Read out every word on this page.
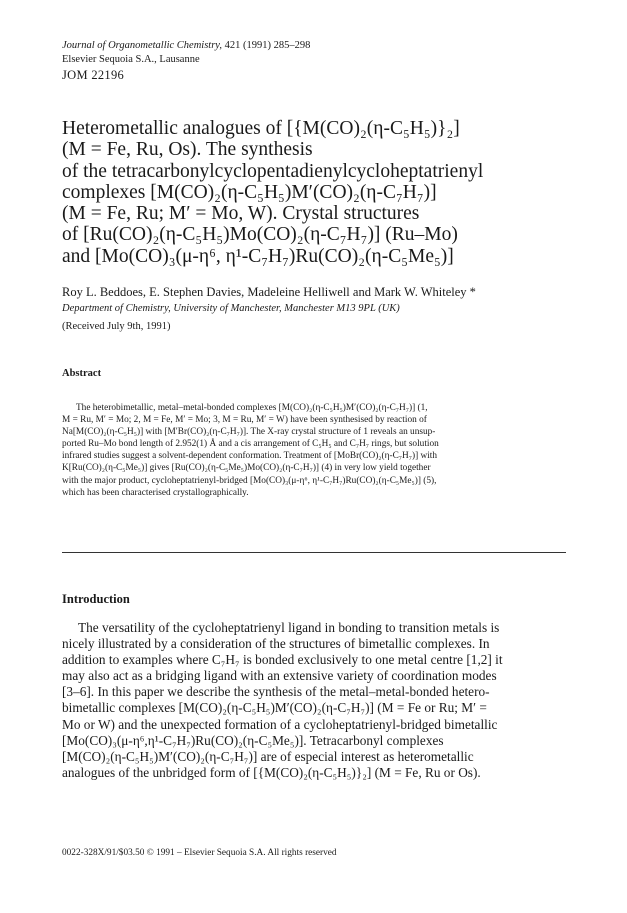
Journal of Organometallic Chemistry, 421 (1991) 285–298
Elsevier Sequoia S.A., Lausanne
JOM 22196
Heterometallic analogues of [{M(CO)₂(η-C₅H₅)}₂]
(M = Fe, Ru, Os). The synthesis
of the tetracarbonylcyclopentadienylcycloheptatrienyl
complexes [M(CO)₂(η-C₅H₅)M′(CO)₂(η-C₇H₇)]
(M = Fe, Ru; M′ = Mo, W). Crystal structures
of [Ru(CO)₂(η-C₅H₅)Mo(CO)₂(η-C₇H₇)] (Ru–Mo)
and [Mo(CO)₃(μ-η⁶, η¹-C₇H₇)Ru(CO)₂(η-C₅Me₅)]
Roy L. Beddoes, E. Stephen Davies, Madeleine Helliwell and Mark W. Whiteley *
Department of Chemistry, University of Manchester, Manchester M13 9PL (UK)
(Received July 9th, 1991)
Abstract
The heterobimetallic, metal–metal-bonded complexes [M(CO)₂(η-C₅H₅)M′(CO)₂(η-C₇H₇)] (1,
M = Ru, M′ = Mo; 2, M = Fe, M′ = Mo; 3, M = Ru, M′ = W) have been synthesised by reaction of
Na[M(CO)₂(η-C₅H₅)] with [M′Br(CO)₂(η-C₇H₇)]. The X-ray crystal structure of 1 reveals an unsup-
ported Ru–Mo bond length of 2.952(1) Å and a cis arrangement of C₅H₅ and C₇H₇ rings, but solution
infrared studies suggest a solvent-dependent conformation. Treatment of [MoBr(CO)₂(η-C₇H₇)] with
K[Ru(CO)₂(η-C₅Me₅)] gives [Ru(CO)₂(η-C₅Me₅)Mo(CO)₂(η-C₇H₇)] (4) in very low yield together
with the major product, cycloheptatrienyl-bridged [Mo(CO)₃(μ-η⁶, η¹-C₇H₇)Ru(CO)₂(η-C₅Me₅)] (5),
which has been characterised crystallographically.
Introduction
The versatility of the cycloheptatrienyl ligand in bonding to transition metals is
nicely illustrated by a consideration of the structures of bimetallic complexes. In
addition to examples where C₇H₇ is bonded exclusively to one metal centre [1,2] it
may also act as a bridging ligand with an extensive variety of coordination modes
[3–6]. In this paper we describe the synthesis of the metal–metal-bonded hetero-
bimetallic complexes [M(CO)₂(η-C₅H₅)M′(CO)₂(η-C₇H₇)] (M = Fe or Ru; M′ =
Mo or W) and the unexpected formation of a cycloheptatrienyl-bridged bimetallic
[Mo(CO)₃(μ-η⁶,η¹-C₇H₇)Ru(CO)₂(η-C₅Me₅)]. Tetracarbonyl complexes
[M(CO)₂(η-C₅H₅)M′(CO)₂(η-C₇H₇)] are of especial interest as heterometallic
analogues of the unbridged form of [{M(CO)₂(η-C₅H₅)}₂] (M = Fe, Ru or Os).
0022-328X/91/$03.50 © 1991 – Elsevier Sequoia S.A. All rights reserved
